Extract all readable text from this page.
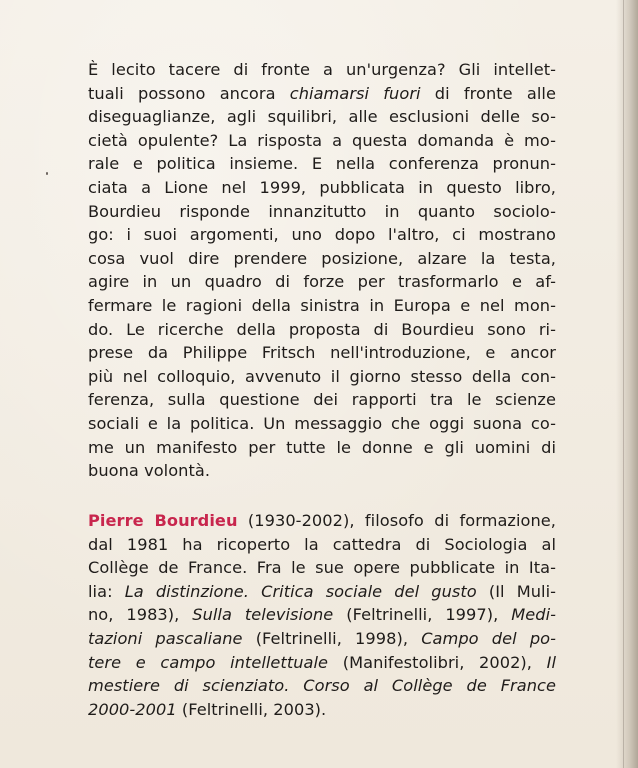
È lecito tacere di fronte a un'urgenza? Gli intellet-
tuali possono ancora chiamarsi fuori di fronte alle
diseguaglianze, agli squilibri, alle esclusioni delle so-
cietà opulente? La risposta a questa domanda è mo-
rale e politica insieme. E nella conferenza pronun-
ciata a Lione nel 1999, pubblicata in questo libro,
Bourdieu risponde innanzitutto in quanto sociolo-
go: i suoi argomenti, uno dopo l'altro, ci mostrano
cosa vuol dire prendere posizione, alzare la testa,
agire in un quadro di forze per trasformarlo e af-
fermare le ragioni della sinistra in Europa e nel mon-
do. Le ricerche della proposta di Bourdieu sono ri-
prese da Philippe Fritsch nell'introduzione, e ancor
più nel colloquio, avvenuto il giorno stesso della con-
ferenza, sulla questione dei rapporti tra le scienze
sociali e la politica. Un messaggio che oggi suona co-
me un manifesto per tutte le donne e gli uomini di
buona volontà.
Pierre Bourdieu (1930-2002), filosofo di formazione,
dal 1981 ha ricoperto la cattedra di Sociologia al
Collège de France. Fra le sue opere pubblicate in Ita-
lia: La distinzione. Critica sociale del gusto (Il Muli-
no, 1983), Sulla televisione (Feltrinelli, 1997), Medi-
tazioni pascaliane (Feltrinelli, 1998), Campo del po-
tere e campo intellettuale (Manifestolibri, 2002), Il
mestiere di scienziato. Corso al Collège de France
2000-2001 (Feltrinelli, 2003).
